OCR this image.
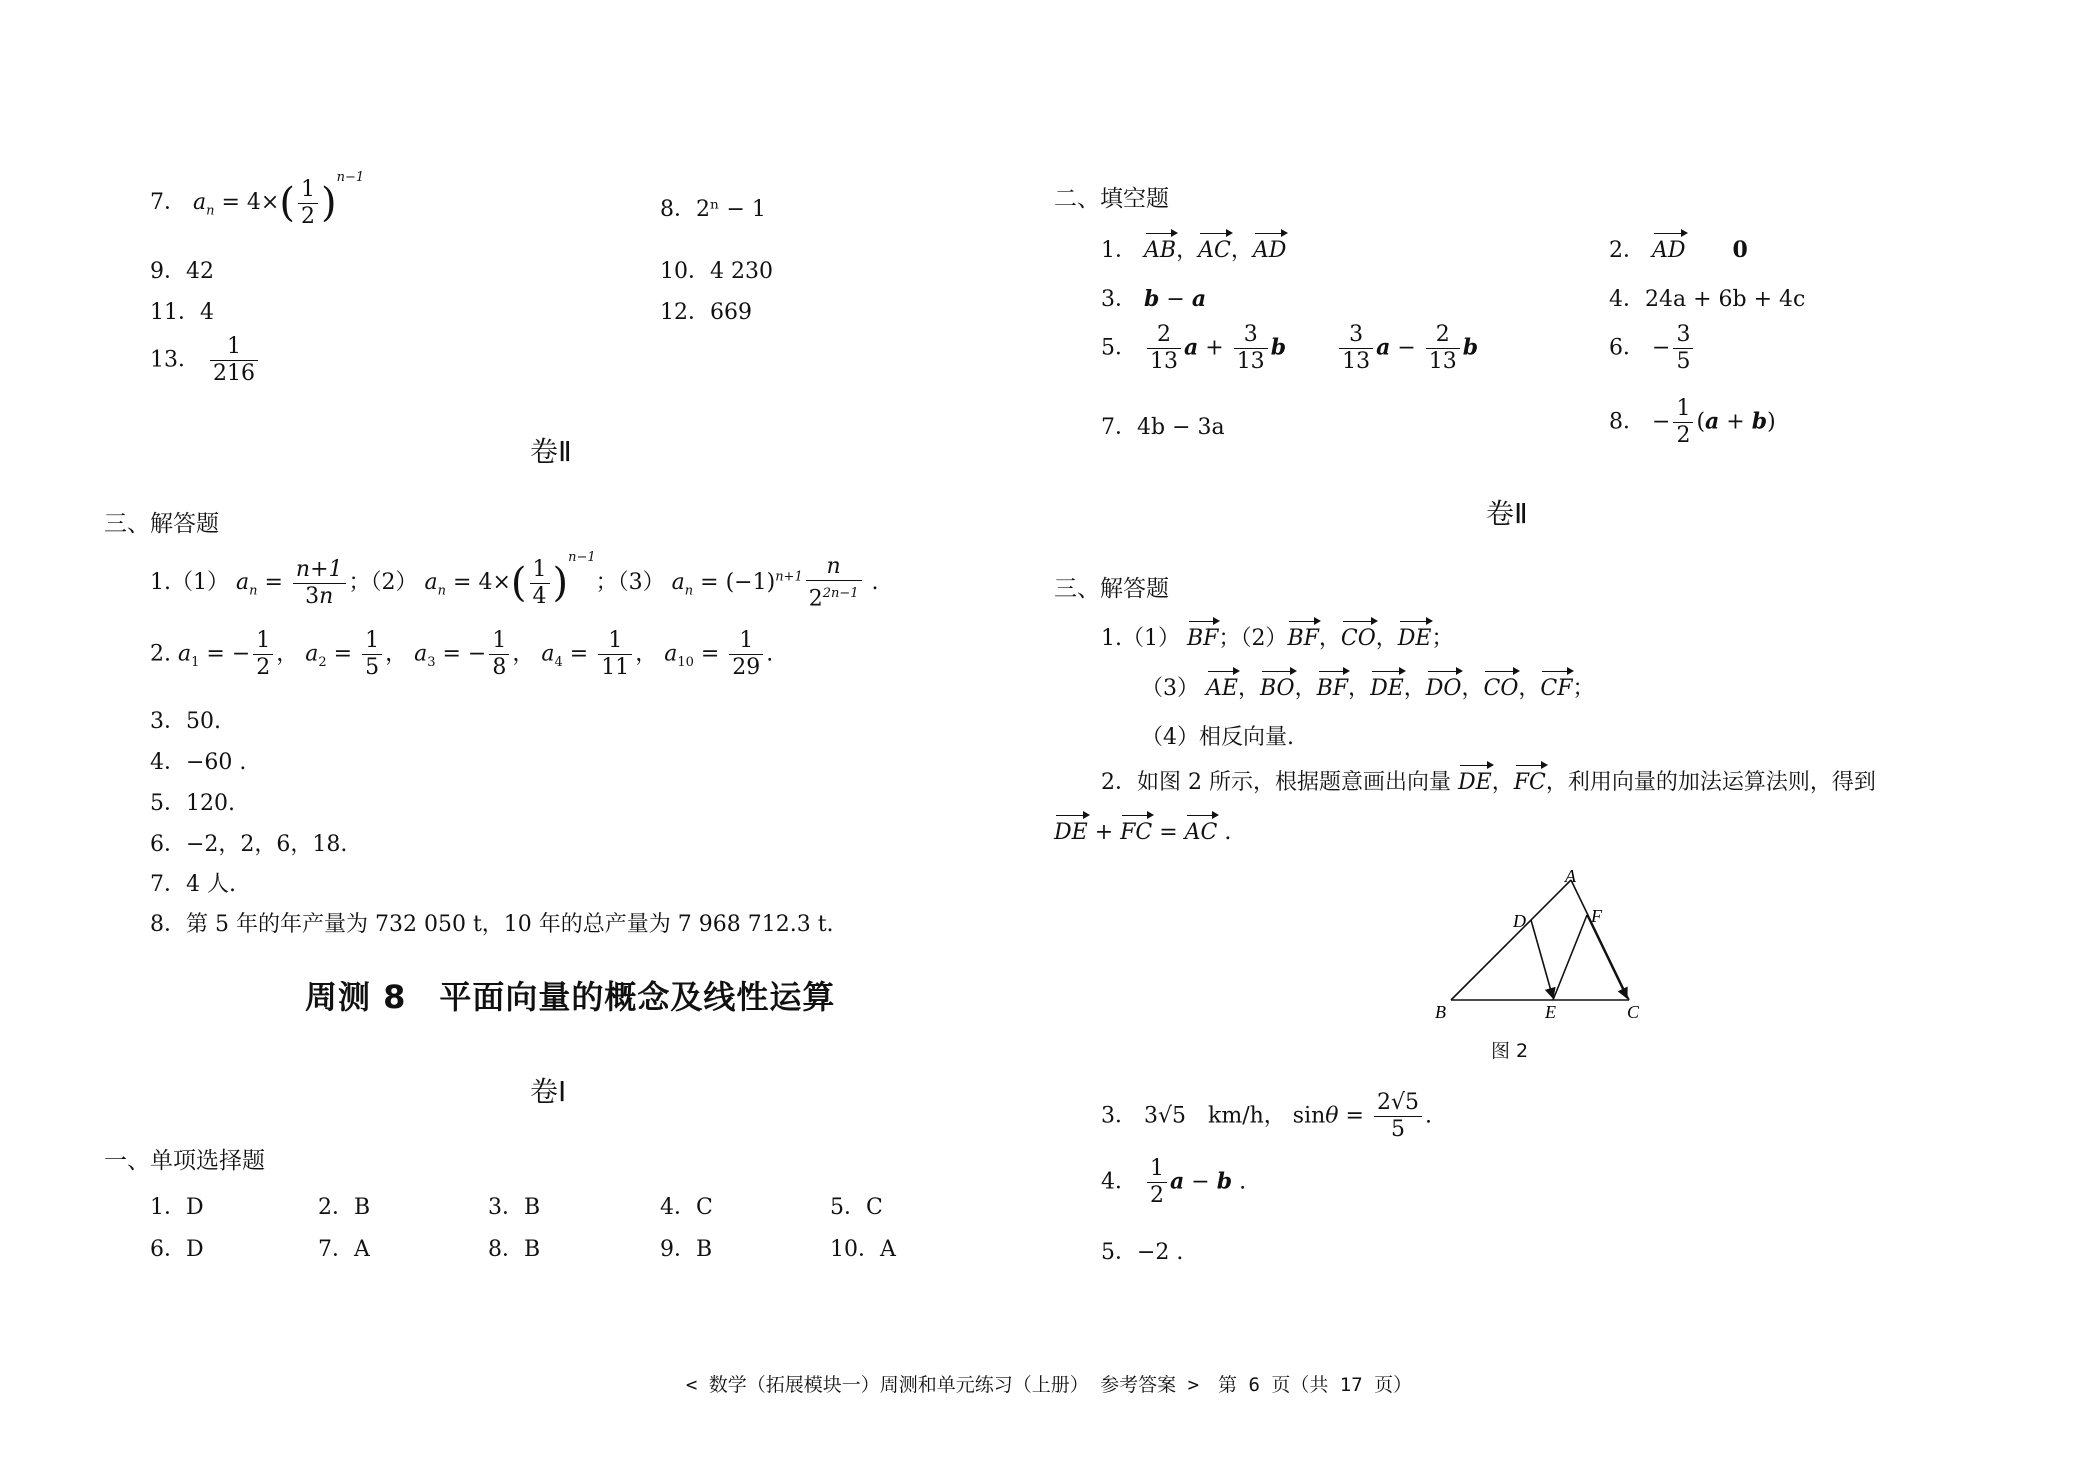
7． $a_n = 4\times( \frac{1}{2} )^{n-1}$
8．2ⁿ − 1
9．42	10．4 230
11．4	12．669
13． $\frac{1}{216}$
卷Ⅱ
三、解答题
1.（1） $a_n = \frac{n+1}{3n}$ ；（2） $a_n = 4\times( \frac{1}{4} )^{n-1}$；（3） $a_n = (-1)^{n+1} \frac{n}{2^{2n-1}}$ .
2. $a_1$ = − $\frac{1}{2}$ ， $a_2 = \frac{1}{5}$ ， $a_3$ = − $\frac{1}{8}$ ， $a_4 = \frac{1}{11}$ ， $a_{10} = \frac{1}{29}$ .
3．50.
4．−60 .
5．120.
6．−2，2，6，18.
7．4 人.
8．第 5 年的年产量为 732 050 t，10 年的总产量为 7 968 712.3 t.
周测 8　平面向量的概念及线性运算
卷Ⅰ
一、单项选择题
1．D	2．B	3．B	4．C	5．C
6．D	7．A	8．B	9．B	10．A
二、填空题
1． AB，AC，AD	2． AD 0
3． b − a	4．24a + 6b + 4c
5． $\frac{2}{13}$ $a + \frac{3}{13}$ b $\frac{3}{13}$ $a - \frac{2}{13}$ b	6． − $\frac{3}{5}$
7．4b − 3a	8． − $\frac{1}{2} (a + b)$
卷Ⅱ
三、解答题
1.（1） BF；（2）BF，CO，DE；
（3） AE，BO，BF，DE，DO，CO，CF；
（4）相反向量.
2．如图 2 所示，根据题意画出向量 DE，FC，利用向量的加法运算法则，得到
DE + FC = AC .
A
B	E	C
D	F
图 2
3． 3√5　km/h， $\sin\theta = \frac{2√5}{5}$ .
4． $\frac{1}{2}$ a − b .
5．−2 .
< 数学（拓展模块一）周测和单元练习（上册） 参考答案 >　第 6 页（共 17 页）
